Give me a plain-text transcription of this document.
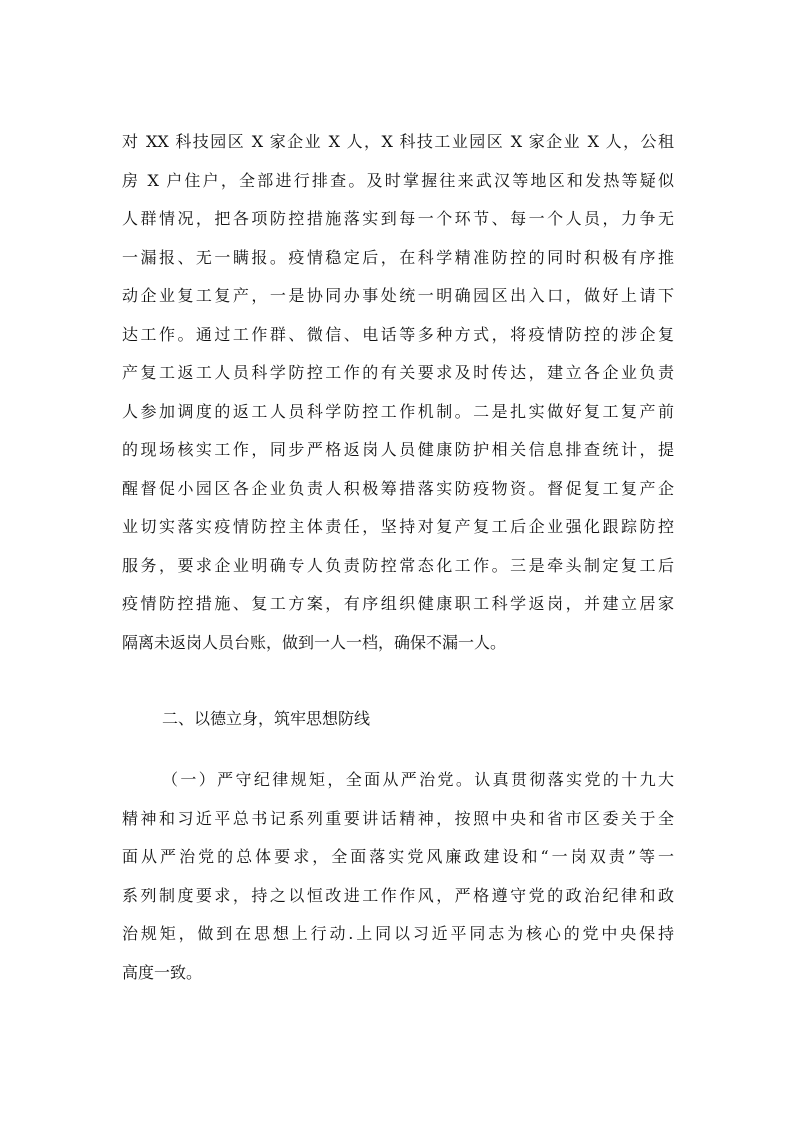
对 XX 科技园区 X 家企业 X 人，X 科技工业园区 X 家企业 X 人，公租
房 X 户住户，全部进行排查。及时掌握往来武汉等地区和发热等疑似
人群情况，把各项防控措施落实到每一个环节、每一个人员，力争无
一漏报、无一瞒报。疫情稳定后，在科学精准防控的同时积极有序推
动企业复工复产，一是协同办事处统一明确园区出入口，做好上请下
达工作。通过工作群、微信、电话等多种方式，将疫情防控的涉企复
产复工返工人员科学防控工作的有关要求及时传达，建立各企业负责
人参加调度的返工人员科学防控工作机制。二是扎实做好复工复产前
的现场核实工作，同步严格返岗人员健康防护相关信息排查统计，提
醒督促小园区各企业负责人积极筹措落实防疫物资。督促复工复产企
业切实落实疫情防控主体责任，坚持对复产复工后企业强化跟踪防控
服务，要求企业明确专人负责防控常态化工作。三是牵头制定复工后
疫情防控措施、复工方案，有序组织健康职工科学返岗，并建立居家
隔离未返岗人员台账，做到一人一档，确保不漏一人。
二、以德立身，筑牢思想防线
（一）严守纪律规矩，全面从严治党。认真贯彻落实党的十九大
精神和习近平总书记系列重要讲话精神，按照中央和省市区委关于全
面从严治党的总体要求，全面落实党风廉政建设和“一岗双责”等一
系列制度要求，持之以恒改进工作作风，严格遵守党的政治纪律和政
治规矩，做到在思想上行动.上同以习近平同志为核心的党中央保持
高度一致。
